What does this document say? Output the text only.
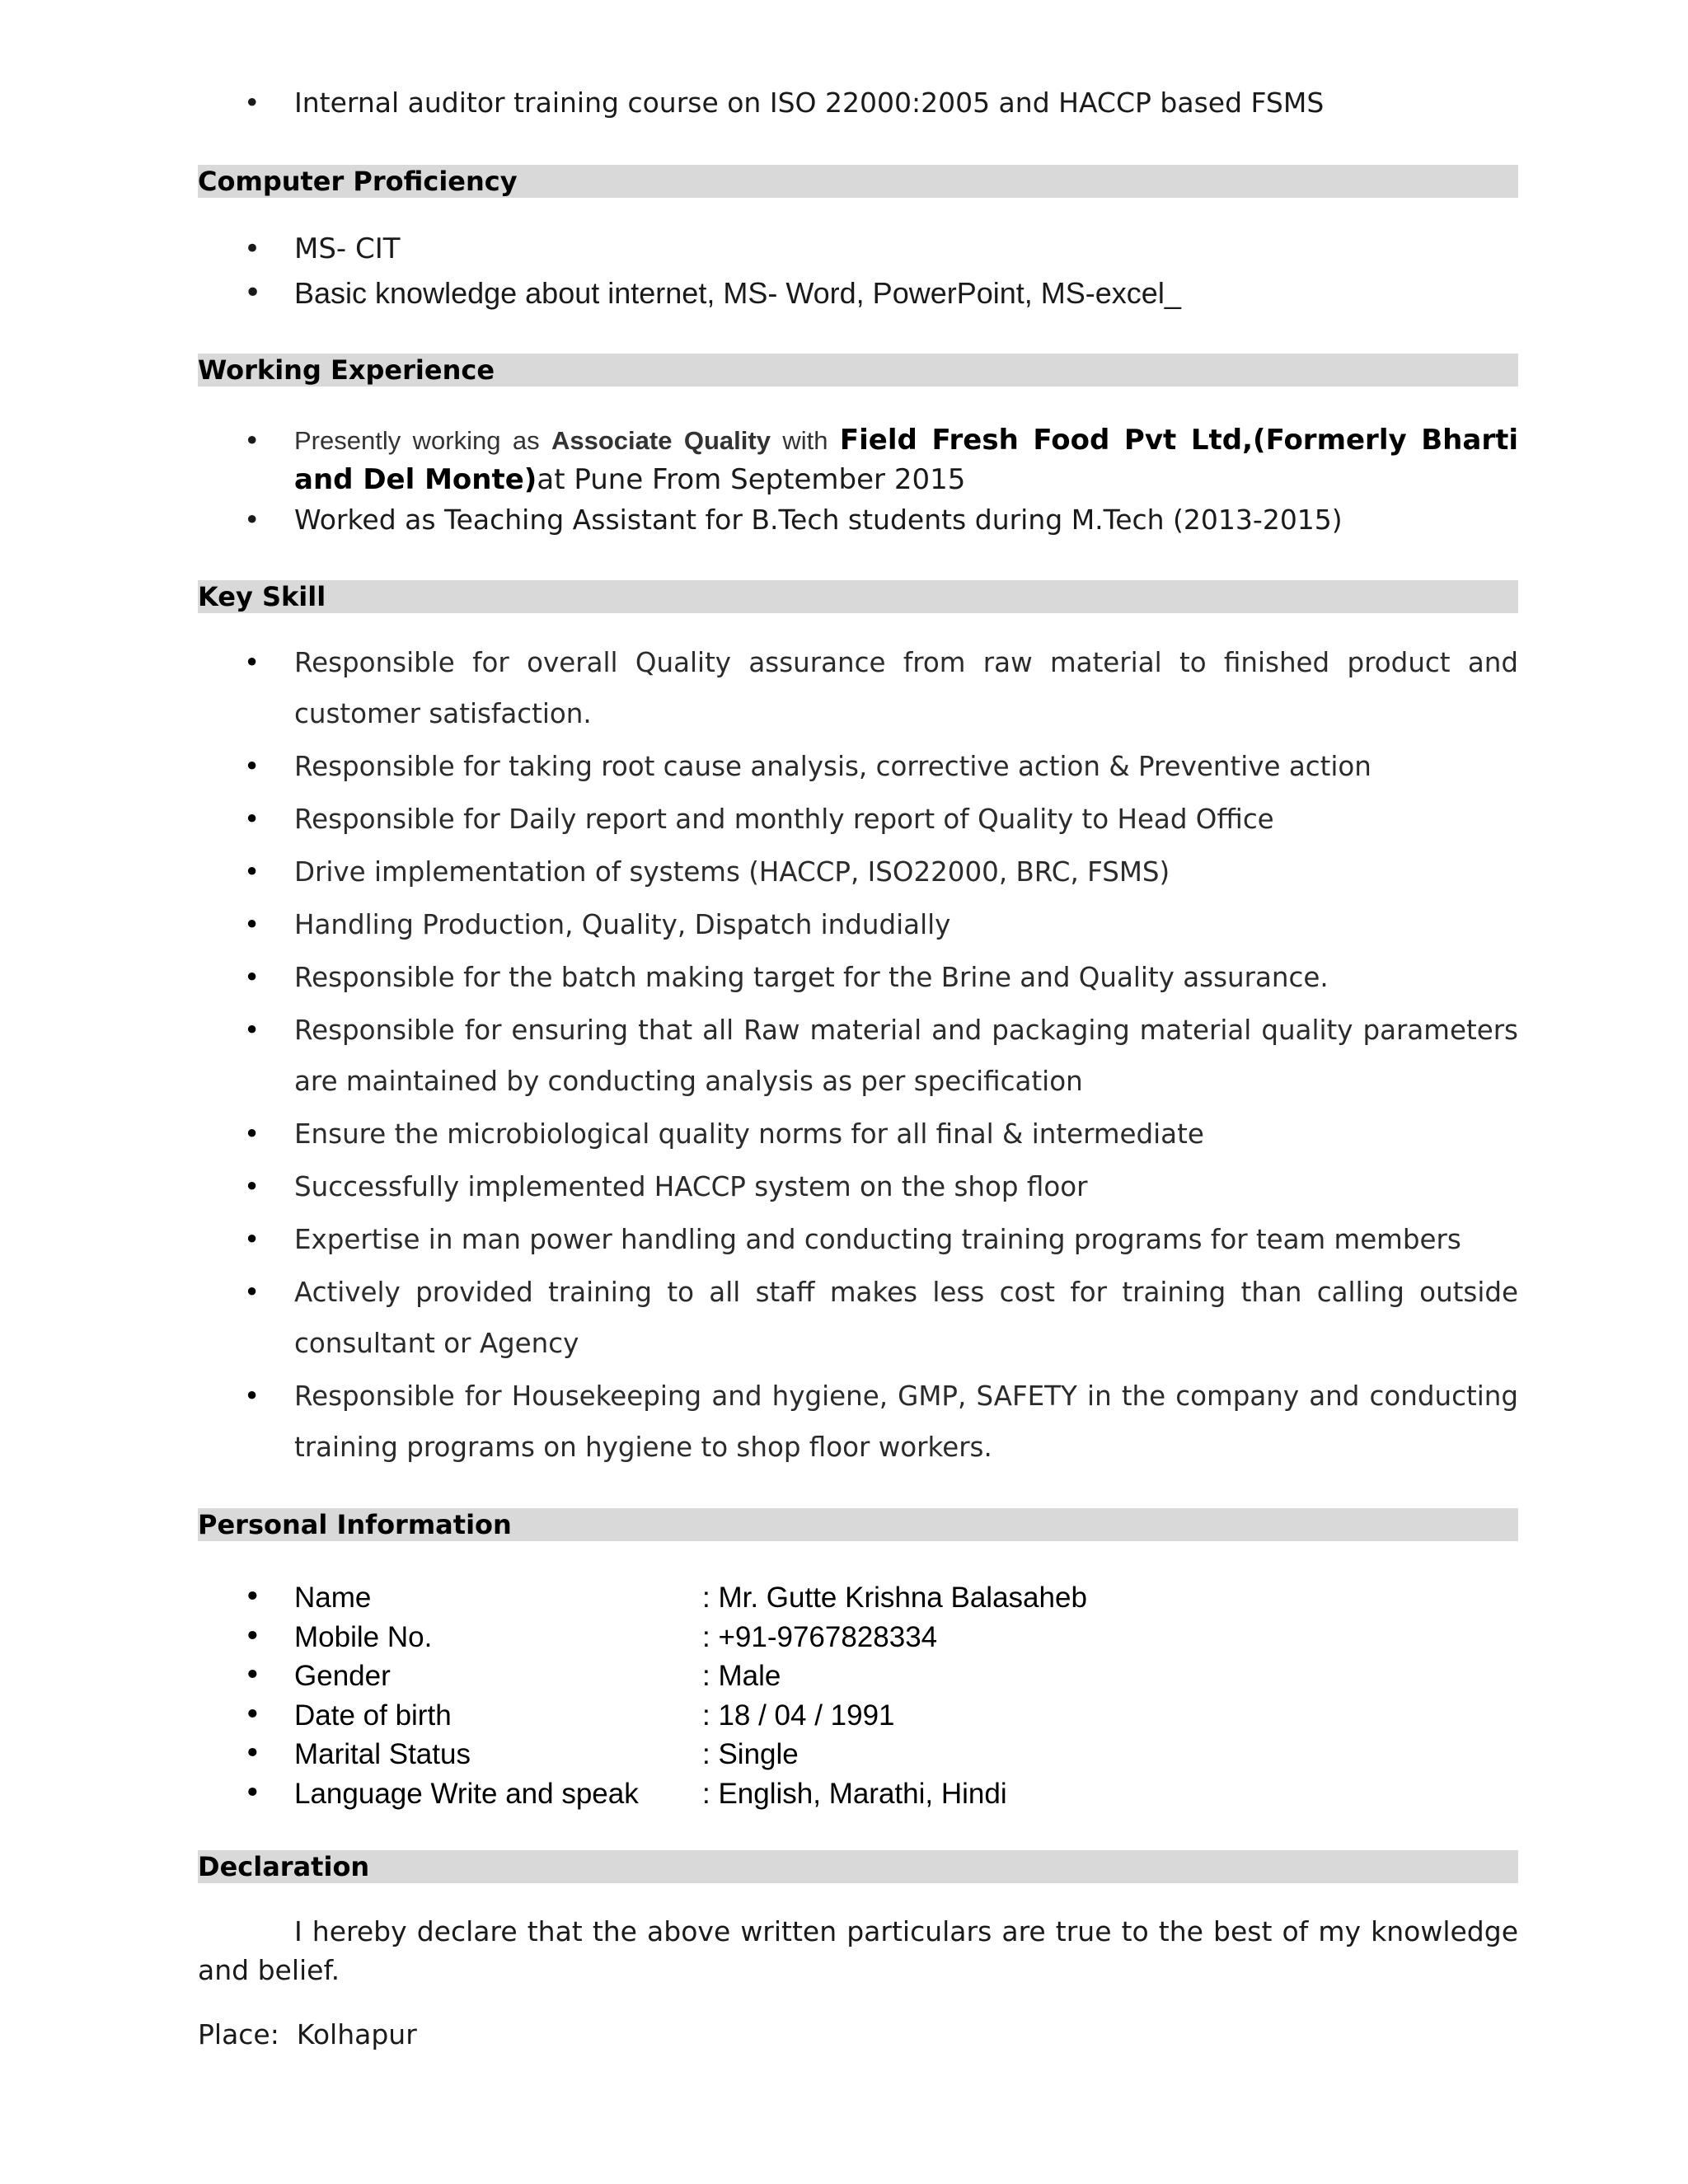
• Internal auditor training course on ISO 22000:2005 and HACCP based FSMS
Computer Proficiency
• MS- CIT
• Basic knowledge about internet, MS- Word, PowerPoint, MS-excel_
Working Experience
• Presently working as Associate Quality with Field Fresh Food Pvt Ltd,(Formerly Bharti and Del Monte)at Pune From September 2015
• Worked as Teaching Assistant for B.Tech students during M.Tech (2013-2015)
Key Skill
• Responsible for overall Quality assurance from raw material to finished product and customer satisfaction.
• Responsible for taking root cause analysis, corrective action & Preventive action
• Responsible for Daily report and monthly report of Quality to Head Office
• Drive implementation of systems (HACCP, ISO22000, BRC, FSMS)
• Handling Production, Quality, Dispatch indudially
• Responsible for the batch making target for the Brine and Quality assurance.
• Responsible for ensuring that all Raw material and packaging material quality parameters are maintained by conducting analysis as per specification
• Ensure the microbiological quality norms for all final & intermediate
• Successfully implemented HACCP system on the shop floor
• Expertise in man power handling and conducting training programs for team members
• Actively provided training to all staff makes less cost for training than calling outside consultant or Agency
• Responsible for Housekeeping and hygiene, GMP, SAFETY in the company and conducting training programs on hygiene to shop floor workers.
Personal Information
• Name	: Mr. Gutte Krishna Balasaheb
• Mobile No.	: +91-9767828334
• Gender	: Male
• Date of birth	: 18 / 04 / 1991
• Marital Status	: Single
• Language Write and speak : English, Marathi, Hindi
Declaration
I hereby declare that the above written particulars are true to the best of my knowledge and belief.
Place: Kolhapur
